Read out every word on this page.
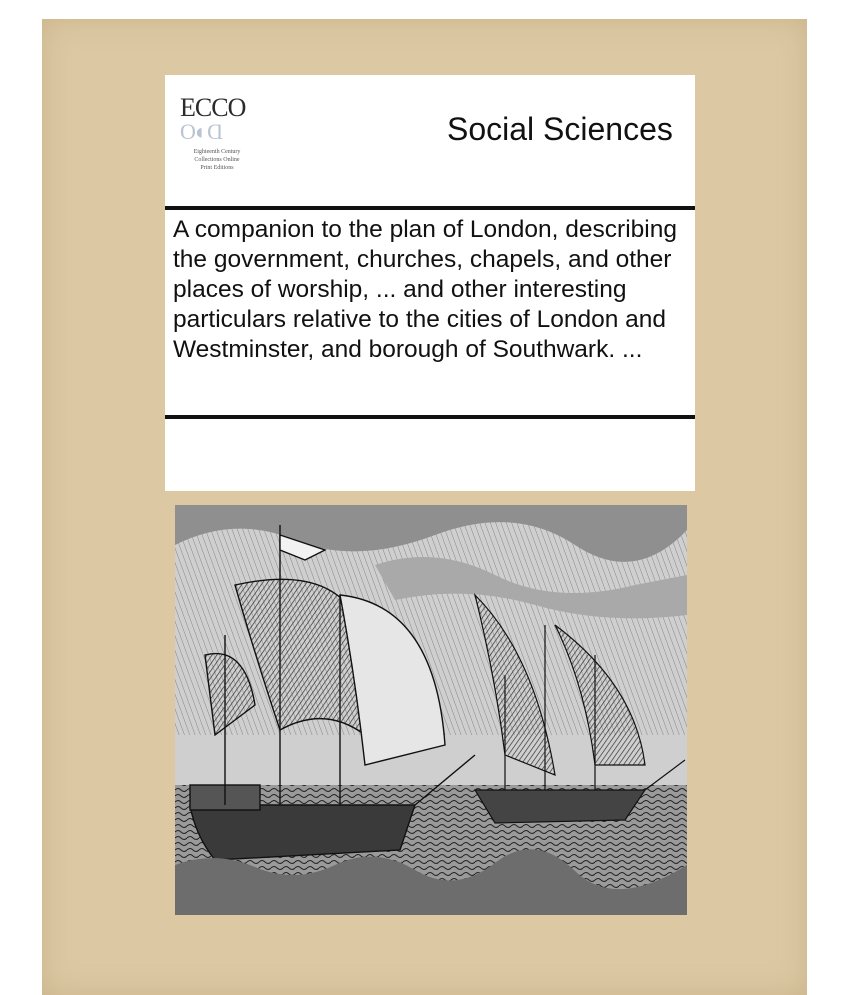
ECCO
O◐Ɑ
Eighteenth Century
Collections Online
Print Editions
Social Sciences
A companion to the plan of London, describing the government, churches, chapels, and other places of worship, ... and other interesting particulars relative to the cities of London and Westminster, and borough of Southwark. ...
